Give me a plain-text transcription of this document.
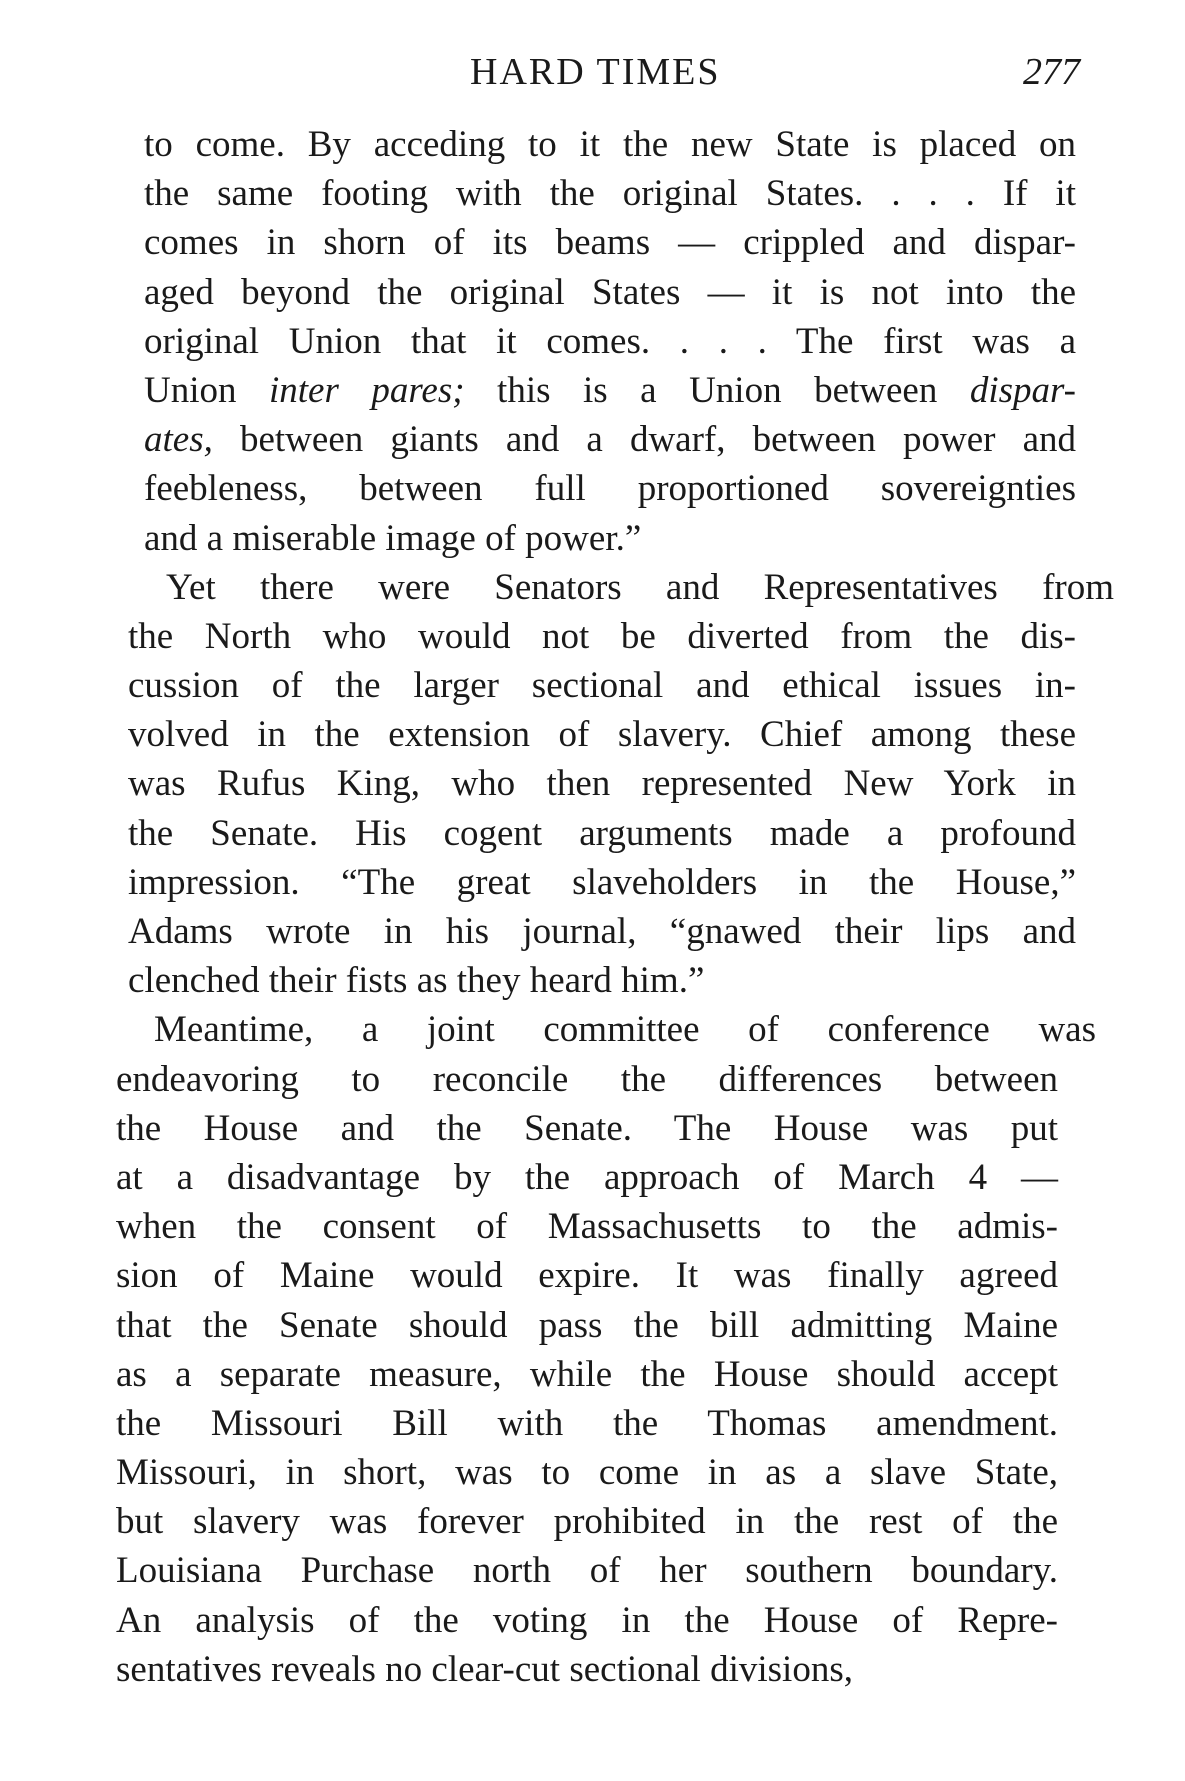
HARD TIMES	277
to come. By acceding to it the new State is placed on
the same footing with the original States. . . . If it
comes in shorn of its beams — crippled and dispar-
aged beyond the original States — it is not into the
original Union that it comes. . . . The first was a
Union inter pares; this is a Union between dispar-
ates, between giants and a dwarf, between power and
feebleness, between full proportioned sovereignties
and a miserable image of power.”
Yet there were Senators and Representatives from
the North who would not be diverted from the dis-
cussion of the larger sectional and ethical issues in-
volved in the extension of slavery. Chief among these
was Rufus King, who then represented New York in
the Senate. His cogent arguments made a profound
impression. “The great slaveholders in the House,”
Adams wrote in his journal, “gnawed their lips and
clenched their fists as they heard him.”
Meantime, a joint committee of conference was
endeavoring to reconcile the differences between
the House and the Senate. The House was put
at a disadvantage by the approach of March 4 —
when the consent of Massachusetts to the admis-
sion of Maine would expire. It was finally agreed
that the Senate should pass the bill admitting Maine
as a separate measure, while the House should accept
the Missouri Bill with the Thomas amendment.
Missouri, in short, was to come in as a slave State,
but slavery was forever prohibited in the rest of the
Louisiana Purchase north of her southern boundary.
An analysis of the voting in the House of Repre-
sentatives reveals no clear-cut sectional divisions,
